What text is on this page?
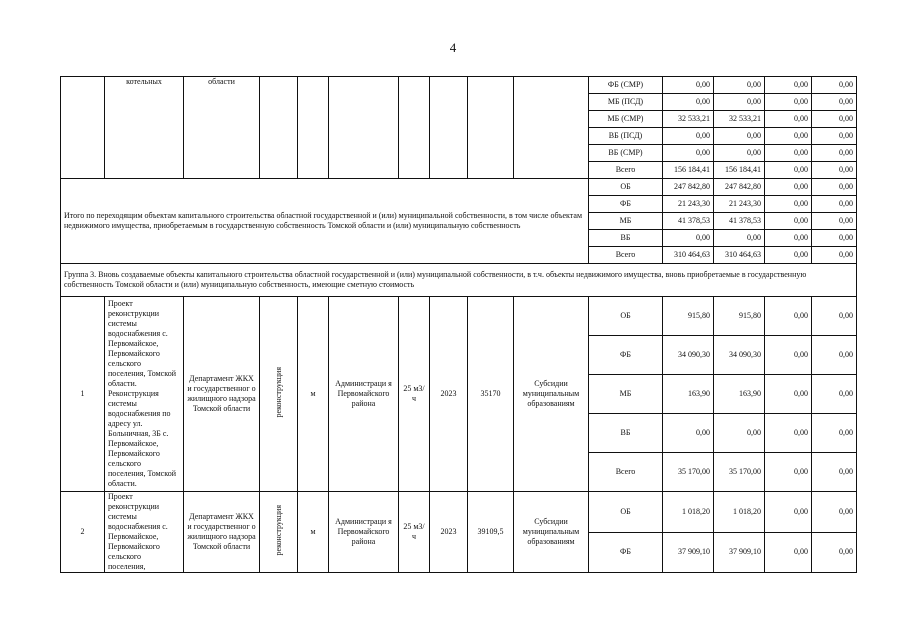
4
	котельных	области								ФБ (СМР)	0,00	0,00	0,00	0,00
										МБ (ПСД)	0,00	0,00	0,00	0,00
										МБ (СМР)	32 533,21	32 533,21	0,00	0,00
										ВБ (ПСД)	0,00	0,00	0,00	0,00
										ВБ (СМР)	0,00	0,00	0,00	0,00
										Всего	156 184,41	156 184,41	0,00	0,00
Итого по переходящим объектам капитального строительства областной государственной и (или) муниципальной собственности, в том числе объектам недвижимого имущества, приобретаемым в государственную собственность Томской области и (или) муниципальную собственность										ОБ	247 842,80	247 842,80	0,00	0,00
										ФБ	21 243,30	21 243,30	0,00	0,00
										МБ	41 378,53	41 378,53	0,00	0,00
										ВБ	0,00	0,00	0,00	0,00
										Всего	310 464,63	310 464,63	0,00	0,00
Группа 3. Вновь создаваемые объекты капитального строительства областной государственной и (или) муниципальной собственности, в т.ч. объекты недвижимого имущества, вновь приобретаемые в государственную собственность Томской области и (или) муниципальную собственность, имеющие сметную стоимость														
1	Проект реконструкции системы водоснабжения с. Первомайское, Первомайского сельского поселения, Томской области. Реконструкция системы водоснабжения по адресу ул. Больничная, 3Б с. Первомайское, Первомайского сельского поселения, Томской области.	Департамент ЖКХ и государственног о жилищного надзора Томской области	реконструкция	м	Администраци я Первомайского района	25 м3/ч	2023	35170	Субсидии муниципальным образованиям	ОБ	915,80	915,80	0,00	0,00
										ФБ	34 090,30	34 090,30	0,00	0,00
										МБ	163,90	163,90	0,00	0,00
										ВБ	0,00	0,00	0,00	0,00
										Всего	35 170,00	35 170,00	0,00	0,00
2	Проект реконструкции системы водоснабжения с. Первомайское, Первомайского сельского поселения,	Департамент ЖКХ и государственног о жилищного надзора Томской области	реконструкция	м	Администраци я Первомайского района	25 м3/ч	2023	39109,5	Субсидии муниципальным образованиям	ОБ	1 018,20	1 018,20	0,00	0,00
										ФБ	37 909,10	37 909,10	0,00	0,00
